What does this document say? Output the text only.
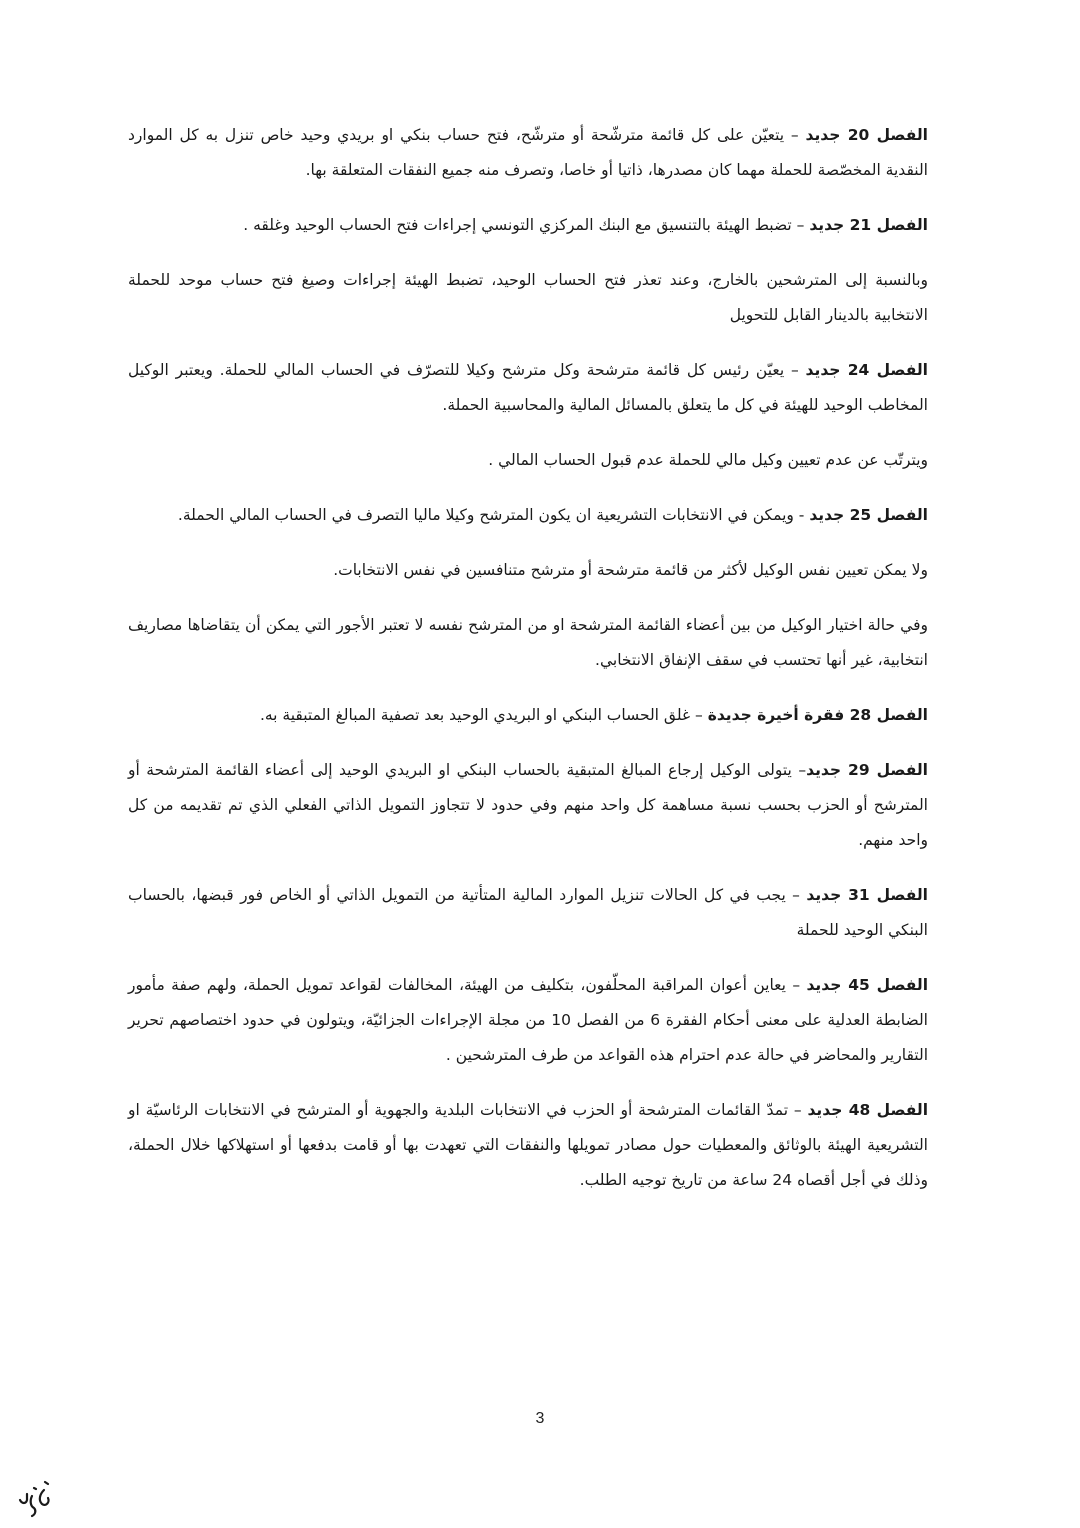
الفصل 20 جديد – يتعيّن على كل قائمة مترشّحة أو مترشّح، فتح حساب بنكي او بريدي وحيد خاص تنزل به كل الموارد النقدية المخصّصة للحملة مهما كان مصدرها، ذاتيا أو خاصا، وتصرف منه جميع النفقات المتعلقة بها.

الفصل 21 جديد – تضبط الهيئة بالتنسيق مع البنك المركزي التونسي إجراءات فتح الحساب الوحيد وغلقه .

وبالنسبة إلى المترشحين بالخارج، وعند تعذر فتح الحساب الوحيد، تضبط الهيئة إجراءات وصيغ فتح حساب موحد للحملة الانتخابية بالدينار القابل للتحويل

الفصل 24 جديد – يعيّن رئيس كل قائمة مترشحة وكل مترشح وكيلا للتصرّف في الحساب المالي للحملة. ويعتبر الوكيل المخاطب الوحيد للهيئة في كل ما يتعلق بالمسائل المالية والمحاسبية الحملة.

ويترتّب عن عدم تعيين وكيل مالي للحملة عدم قبول الحساب المالي .

الفصل 25 جديد - ويمكن في الانتخابات التشريعية ان يكون المترشح وكيلا ماليا التصرف في الحساب المالي الحملة.

ولا يمكن تعيين نفس الوكيل لأكثر من قائمة مترشحة أو مترشح متنافسين في نفس الانتخابات.

وفي حالة اختيار الوكيل من بين أعضاء القائمة المترشحة او من المترشح نفسه لا تعتبر الأجور التي يمكن أن يتقاضاها مصاريف انتخابية، غير أنها تحتسب في سقف الإنفاق الانتخابي.

الفصل 28 فقرة أخيرة جديدة – غلق الحساب البنكي او البريدي الوحيد بعد تصفية المبالغ المتبقية به.

الفصل 29 جديد– يتولى الوكيل إرجاع المبالغ المتبقية بالحساب البنكي او البريدي الوحيد إلى أعضاء القائمة المترشحة أو المترشح أو الحزب بحسب نسبة مساهمة كل واحد منهم وفي حدود لا تتجاوز التمويل الذاتي الفعلي الذي تم تقديمه من كل واحد منهم.

الفصل 31 جديد – يجب في كل الحالات تنزيل الموارد المالية المتأتية من التمويل الذاتي أو الخاص فور قبضها، بالحساب البنكي الوحيد للحملة

الفصل 45 جديد – يعاين أعوان المراقبة المحلّفون، بتكليف من الهيئة، المخالفات لقواعد تمويل الحملة، ولهم صفة مأمور الضابطة العدلية على معنى أحكام الفقرة 6 من الفصل 10 من مجلة الإجراءات الجزائيّة، ويتولون في حدود اختصاصهم تحرير التقارير والمحاضر في حالة عدم احترام هذه القواعد من طرف المترشحين .

الفصل 48 جديد – تمدّ القائمات المترشحة أو الحزب في الانتخابات البلدية والجهوية أو المترشح في الانتخابات الرئاسيّة او التشريعية الهيئة بالوثائق والمعطيات حول مصادر تمويلها والنفقات التي تعهدت بها أو قامت بدفعها أو استهلاكها خلال الحملة، وذلك في أجل أقصاه 24 ساعة من تاريخ توجيه الطلب.

3
